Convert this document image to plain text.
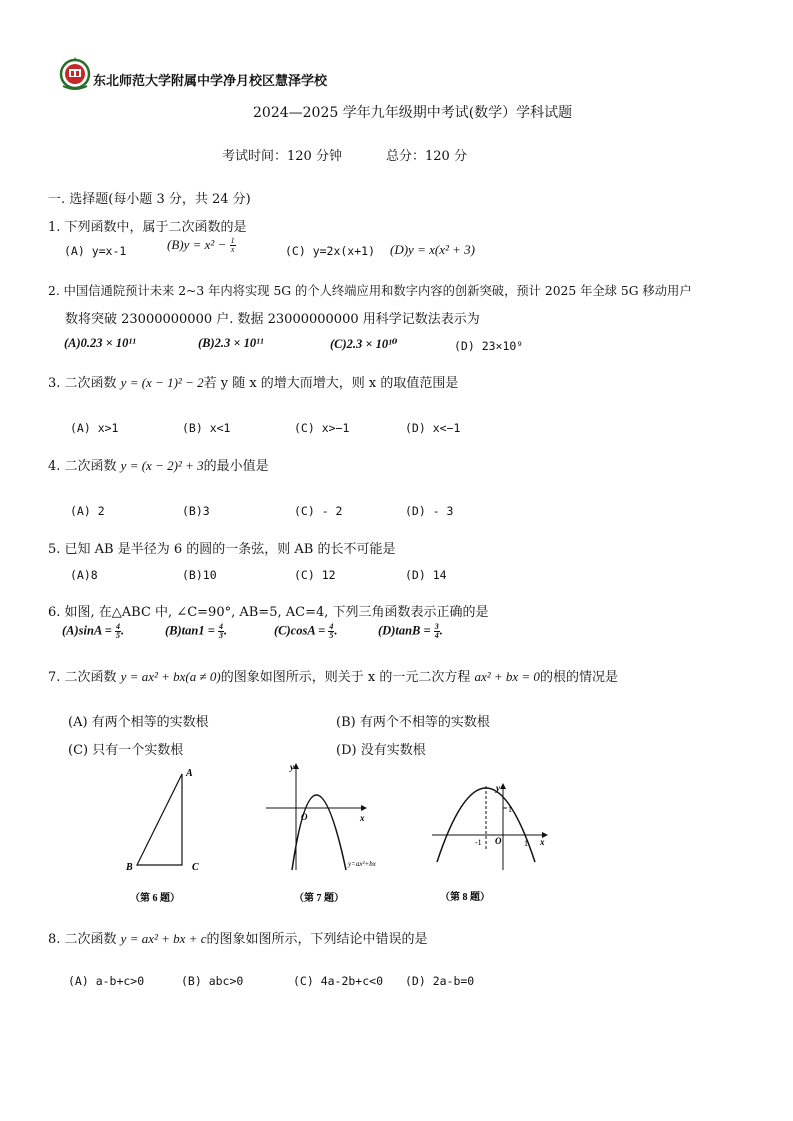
东北师范大学附属中学净月校区慧泽学校
2024—2025 学年九年级期中考试(数学）学科试题
考试时间：120 分钟	总分：120 分
一. 选择题(每小题 3 分，共 24 分)
1. 下列函数中，属于二次函数的是
(A) y=x-1	$(B)y = x^2 - \frac{1}{x}$	(C) y=2x(x+1) (D)y = x(x² + 3)
2. 中国信通院预计未来 2~3 年内将实现 5G 的个人终端应用和数字内容的创新突破，预计 2025 年全球 5G 移动用户
数将突破 23000000000 户. 数据 23000000000 用科学记数法表示为
(A)0.23 × 10¹¹	(B)2.3 × 10¹¹	(C)2.3 × 10¹⁰	(D) 23×10⁹
3. 二次函数 y = (x − 1)² − 2若 y 随 x 的增大而增大，则 x 的取值范围是
(A) x>1	(B) x<1	(C) x>−1	(D) x<−1
4. 二次函数 y = (x − 2)² + 3的最小值是
(A) 2	(B)3	(C) - 2	(D) - 3
5. 已知 AB 是半径为 6 的圆的一条弦，则 AB 的长不可能是
(A)8	(B)10	(C) 12	(D) 14
6. 如图, 在△ABC 中, ∠C=90°, AB=5, AC=4, 下列三角函数表示正确的是
$(A)\sin A = \frac{4}{5}$ .	$(B)\tan 1 = \frac{4}{3}$ .	$(C)\cos A = \frac{4}{5}$ .	$(D)\tan B = \frac{3}{4}$ .
7. 二次函数 y = ax² + bx(a ≠ 0)的图象如图所示，则关于 x 的一元二次方程 ax² + bx = 0的根的情况是
(A) 有两个相等的实数根	(B) 有两个不相等的实数根
(C) 只有一个实数根	(D) 没有实数根
A
B	C
（第 6 题）
y
x
O
y=ax²+bx
（第 7 题）
y
x
O
-1	1
1
（第 8 题）
8. 二次函数 y = ax² + bx + c的图象如图所示，下列结论中错误的是
(A) a-b+c>0	(B) abc>0	(C) 4a-2b+c<0 (D) 2a-b=0
